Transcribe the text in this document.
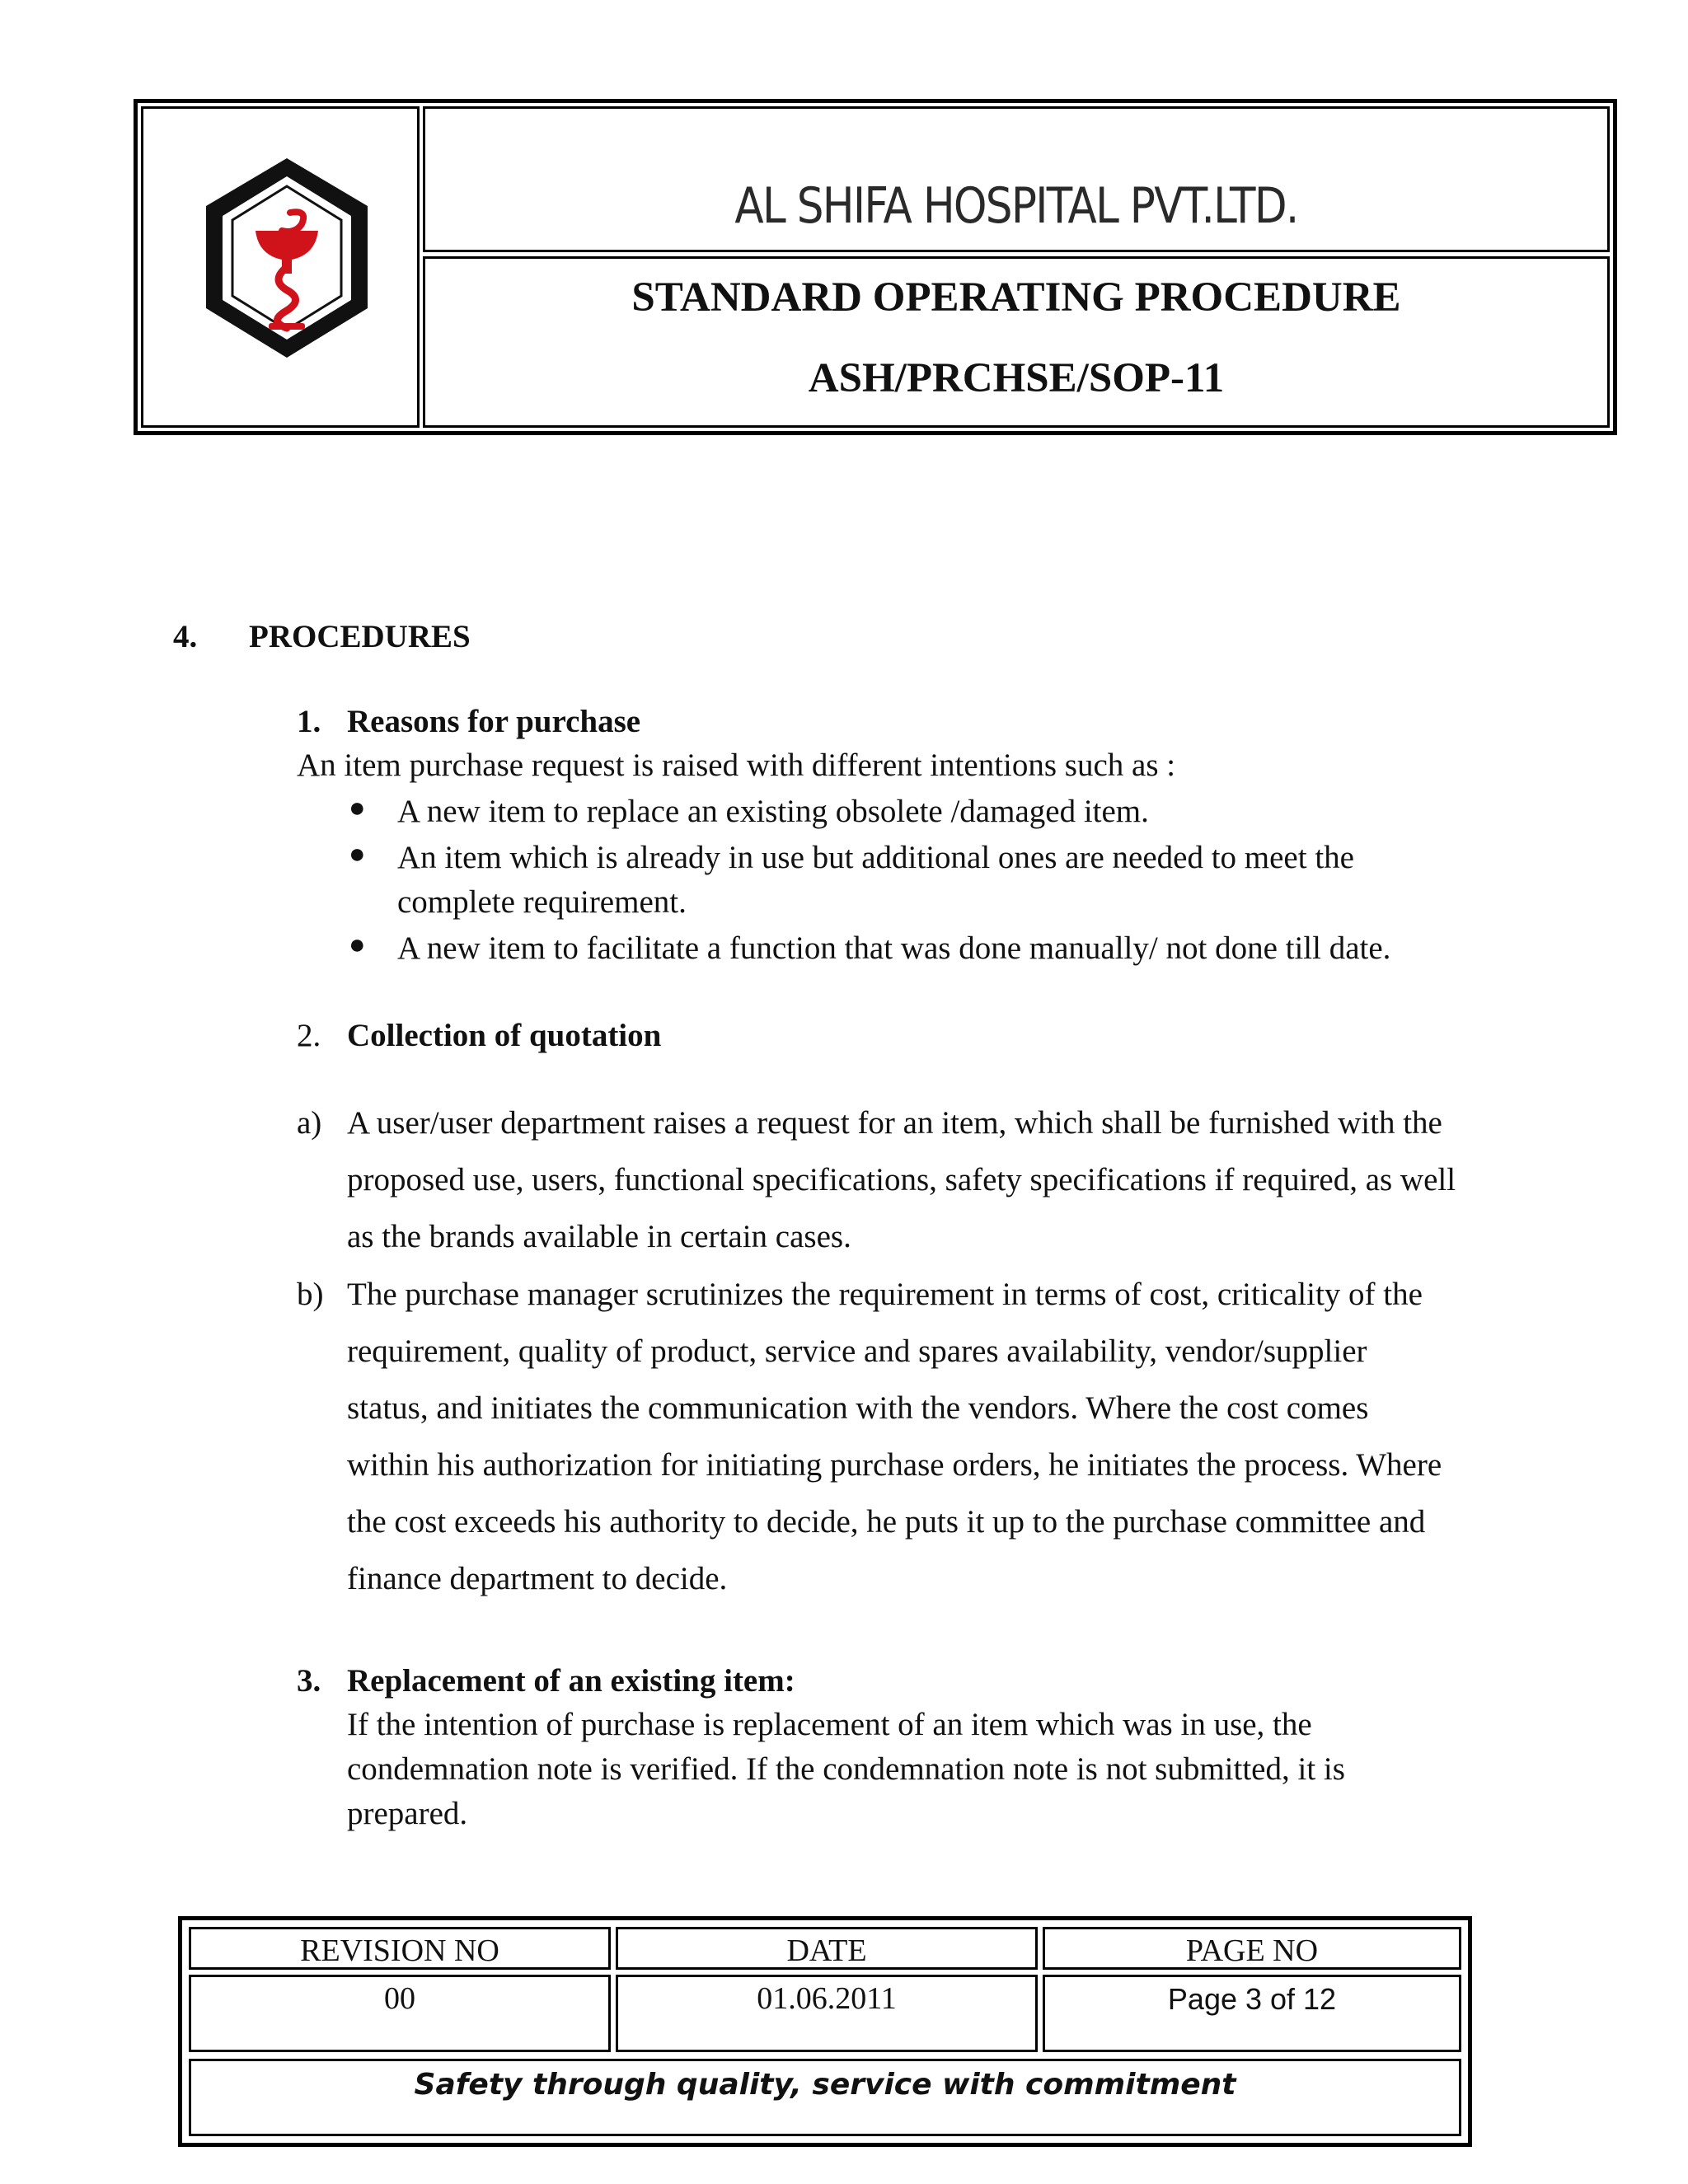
AL SHIFA HOSPITAL PVT.LTD.
STANDARD OPERATING PROCEDURE
ASH/PRCHSE/SOP-11
4. PROCEDURES
1. Reasons for purchase
An item purchase request is raised with different intentions such as :
● A new item to replace an existing obsolete /damaged item.
● An item which is already in use but additional ones are needed to meet the
complete requirement.
● A new item to facilitate a function that was done manually/ not done till date.
2. Collection of quotation
a) A user/user department raises a request for an item, which shall be furnished with the
proposed use, users, functional specifications, safety specifications if required, as well
as the brands available in certain cases.
b) The purchase manager scrutinizes the requirement in terms of cost, criticality of the
requirement, quality of product, service and spares availability, vendor/supplier
status, and initiates the communication with the vendors. Where the cost comes
within his authorization for initiating purchase orders, he initiates the process. Where
the cost exceeds his authority to decide, he puts it up to the purchase committee and
finance department to decide.
3. Replacement of an existing item:
If the intention of purchase is replacement of an item which was in use, the
condemnation note is verified. If the condemnation note is not submitted, it is
prepared.
REVISION NO	DATE	PAGE NO
00	01.06.2011	Page 3 of 12
Safety through quality, service with commitment
